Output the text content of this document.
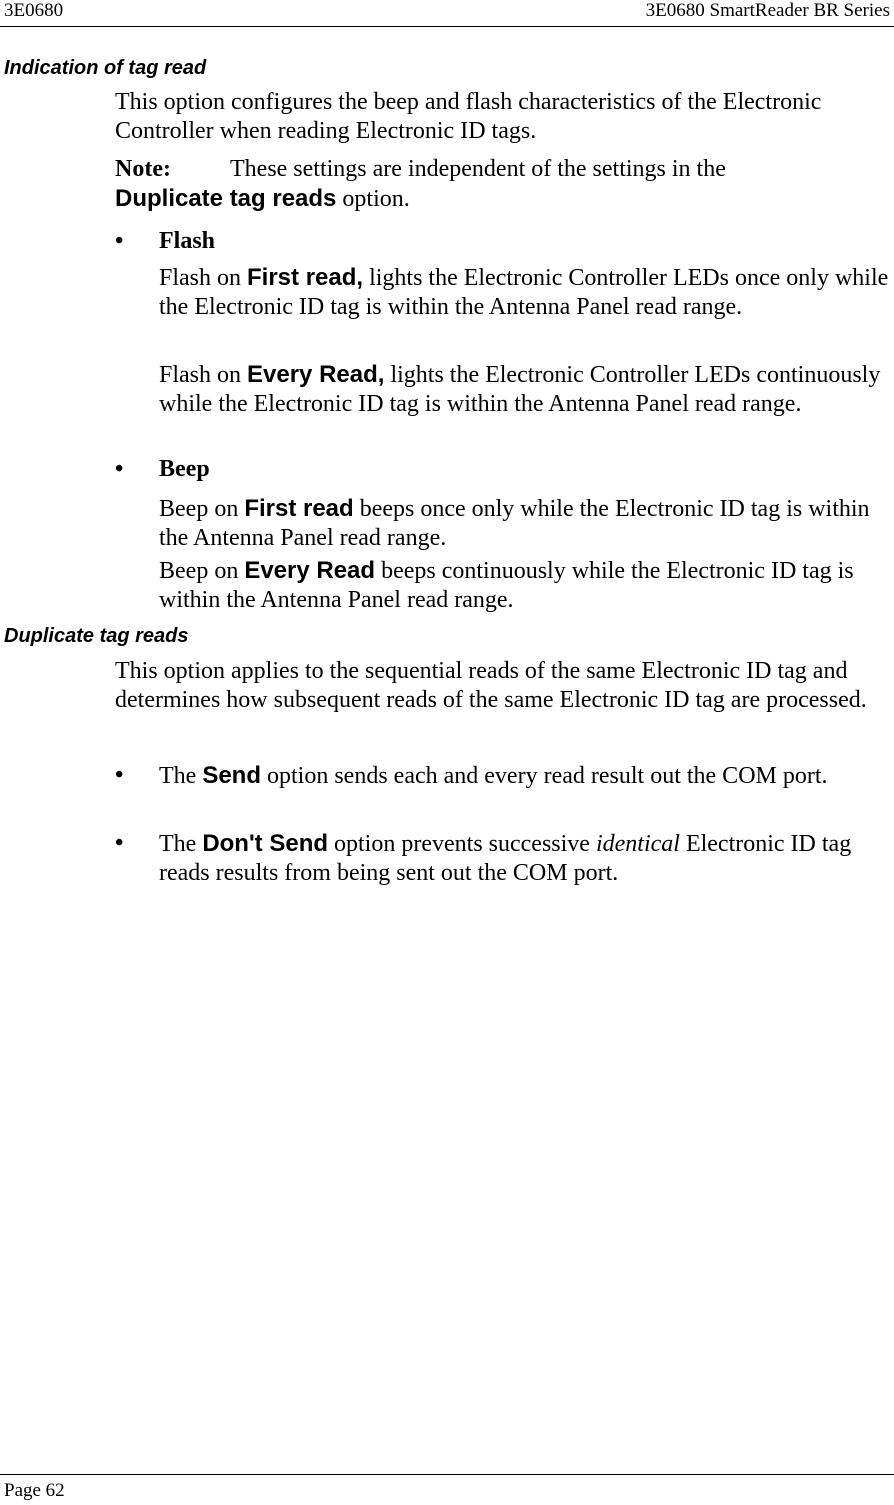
3E0680	3E0680 SmartReader BR Series
Indication of tag read
This option configures the beep and flash characteristics of the Electronic Controller when reading Electronic ID tags.
Note: These settings are independent of the settings in the
Duplicate tag reads option.
• Flash
Flash on First read, lights the Electronic Controller LEDs once only while the Electronic ID tag is within the Antenna Panel read range.
Flash on Every Read, lights the Electronic Controller LEDs continuously while the Electronic ID tag is within the Antenna Panel read range.
• Beep
Beep on First read beeps once only while the Electronic ID tag is within the Antenna Panel read range.
Beep on Every Read beeps continuously while the Electronic ID tag is within the Antenna Panel read range.
Duplicate tag reads
This option applies to the sequential reads of the same Electronic ID tag and determines how subsequent reads of the same Electronic ID tag are processed.
• The Send option sends each and every read result out the COM port.
• The Don't Send option prevents successive identical Electronic ID tag reads results from being sent out the COM port.
Page 62
